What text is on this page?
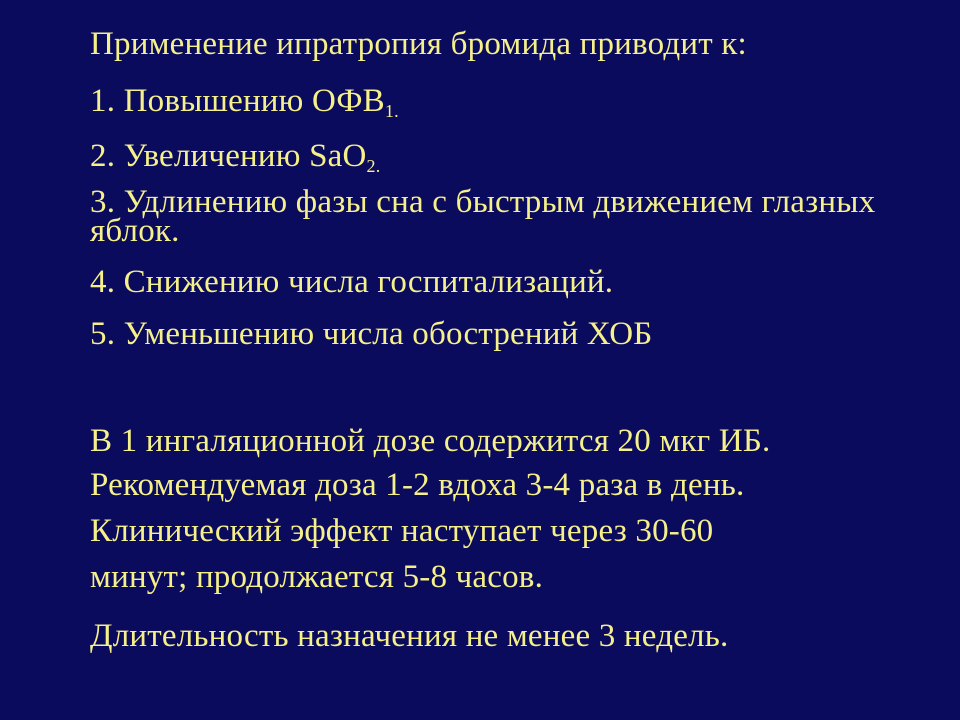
Применение ипратропия бромида приводит к:
1. Повышению $ОФВ_{1.}$
2. Увеличению SaO$_{2.}$
3. Удлинению фазы сна с быстрым движением глазных яблок.
4. Снижению числа госпитализаций.
5. Уменьшению числа обострений ХОБ
В 1 ингаляционной дозе содержится 20 мкг ИБ.
Рекомендуемая доза 1-2 вдоха 3-4 раза в день.
Клинический эффект наступает через 30-60
минут; продолжается 5-8 часов.
Длительность назначения не менее 3 недель.
